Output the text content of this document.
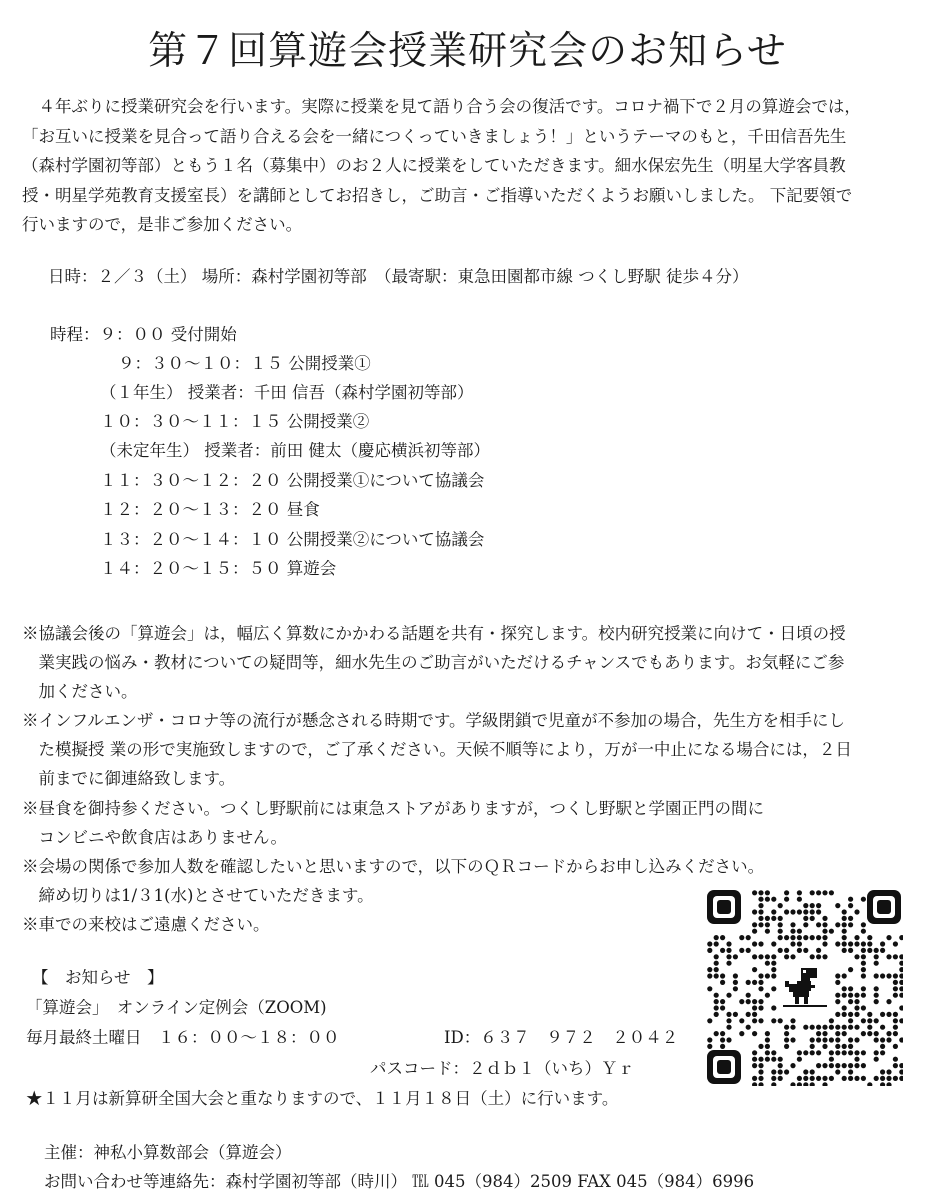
第７回算遊会授業研究会のお知らせ
　４年ぶりに授業研究会を行います。実際に授業を見て語り合う会の復活です。コロナ禍下で２月の算遊会では，
「お互いに授業を見合って語り合える会を一緒につくっていきましょう！」というテーマのもと，千田信吾先生
（森村学園初等部）ともう１名（募集中）のお２人に授業をしていただきます。細水保宏先生（明星大学客員教
授・明星学苑教育支援室長）を講師としてお招きし，ご助言・ご指導いただくようお願いしました。 下記要領で
行いますので，是非ご参加ください。
日時：２／３（土） 場所：森村学園初等部　（最寄駅：東急田園都市線 つくし野駅 徒歩４分）
時程：９：００ 受付開始
９：３０〜１０：１５ 公開授業①
（１年生） 授業者：千田 信吾（森村学園初等部）
１０：３０〜１１：１５ 公開授業②
（未定年生） 授業者：前田 健太（慶応横浜初等部）
１１：３０〜１２：２０ 公開授業①について協議会
１２：２０〜１３：２０ 昼食
１３：２０〜１４：１０ 公開授業②について協議会
１４：２０〜１５：５０ 算遊会
※協議会後の「算遊会」は，幅広く算数にかかわる話題を共有・探究します。校内研究授業に向けて・日頃の授
　業実践の悩み・教材についての疑問等，細水先生のご助言がいただけるチャンスでもあります。お気軽にご参
　加ください。
※インフルエンザ・コロナ等の流行が懸念される時期です。学級閉鎖で児童が不参加の場合，先生方を相手にし
　た模擬授 業の形で実施致しますので，ご了承ください。天候不順等により，万が一中止になる場合には，２日
　前までに御連絡致します。
※昼食を御持参ください。つくし野駅前には東急ストアがありますが，つくし野駅と学園正門の間に
　コンビニや飲食店はありません。
※会場の関係で参加人数を確認したいと思いますので，以下のＱＲコードからお申し込みください。
　締め切りは1/３1(水)とさせていただきます。
※車での来校はご遠慮ください。
【　お知らせ　】
「算遊会」　オンライン定例会（ZOOM)
毎月最終土曜日　１６：００〜１８：００	ID：６３７　９７２　２０４２
パスコード：２ｄｂ１（いち）Ｙｒ
★１１月は新算研全国大会と重なりますので、１１月１８日（土）に行います。
主催：神私小算数部会（算遊会）
お問い合わせ等連絡先：森村学園初等部（時川） ℡ 045（984）2509 FAX 045（984）6996
